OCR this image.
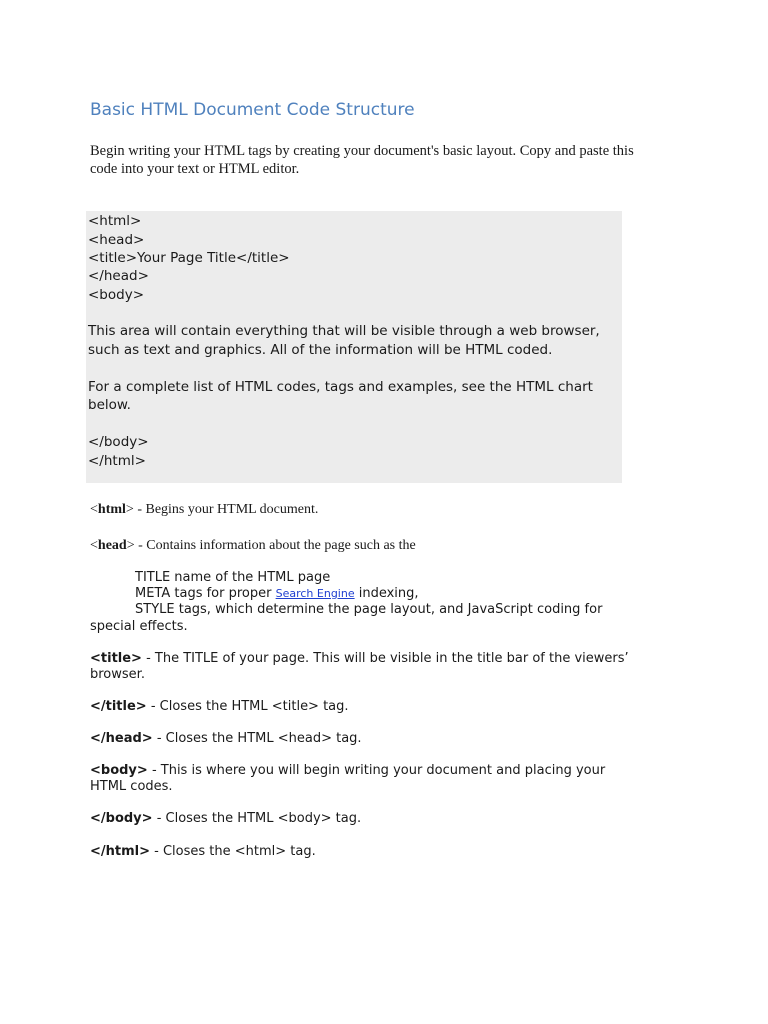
Basic HTML Document Code Structure
Begin writing your HTML tags by creating your document's basic layout. Copy and paste this
code into your text or HTML editor.
<html>
<head>
<title>Your Page Title</title>
</head>
<body>
This area will contain everything that will be visible through a web browser,
such as text and graphics. All of the information will be HTML coded.
For a complete list of HTML codes, tags and examples, see the HTML chart
below.
</body>
</html>
<html> - Begins your HTML document.
<head> - Contains information about the page such as the
TITLE name of the HTML page
META tags for proper Search Engine indexing,
STYLE tags, which determine the page layout, and JavaScript coding for
special effects.
<title> - The TITLE of your page. This will be visible in the title bar of the viewers’
browser.
</title> - Closes the HTML <title> tag.
</head> - Closes the HTML <head> tag.
<body> - This is where you will begin writing your document and placing your
HTML codes.
</body> - Closes the HTML <body> tag.
</html> - Closes the <html> tag.
